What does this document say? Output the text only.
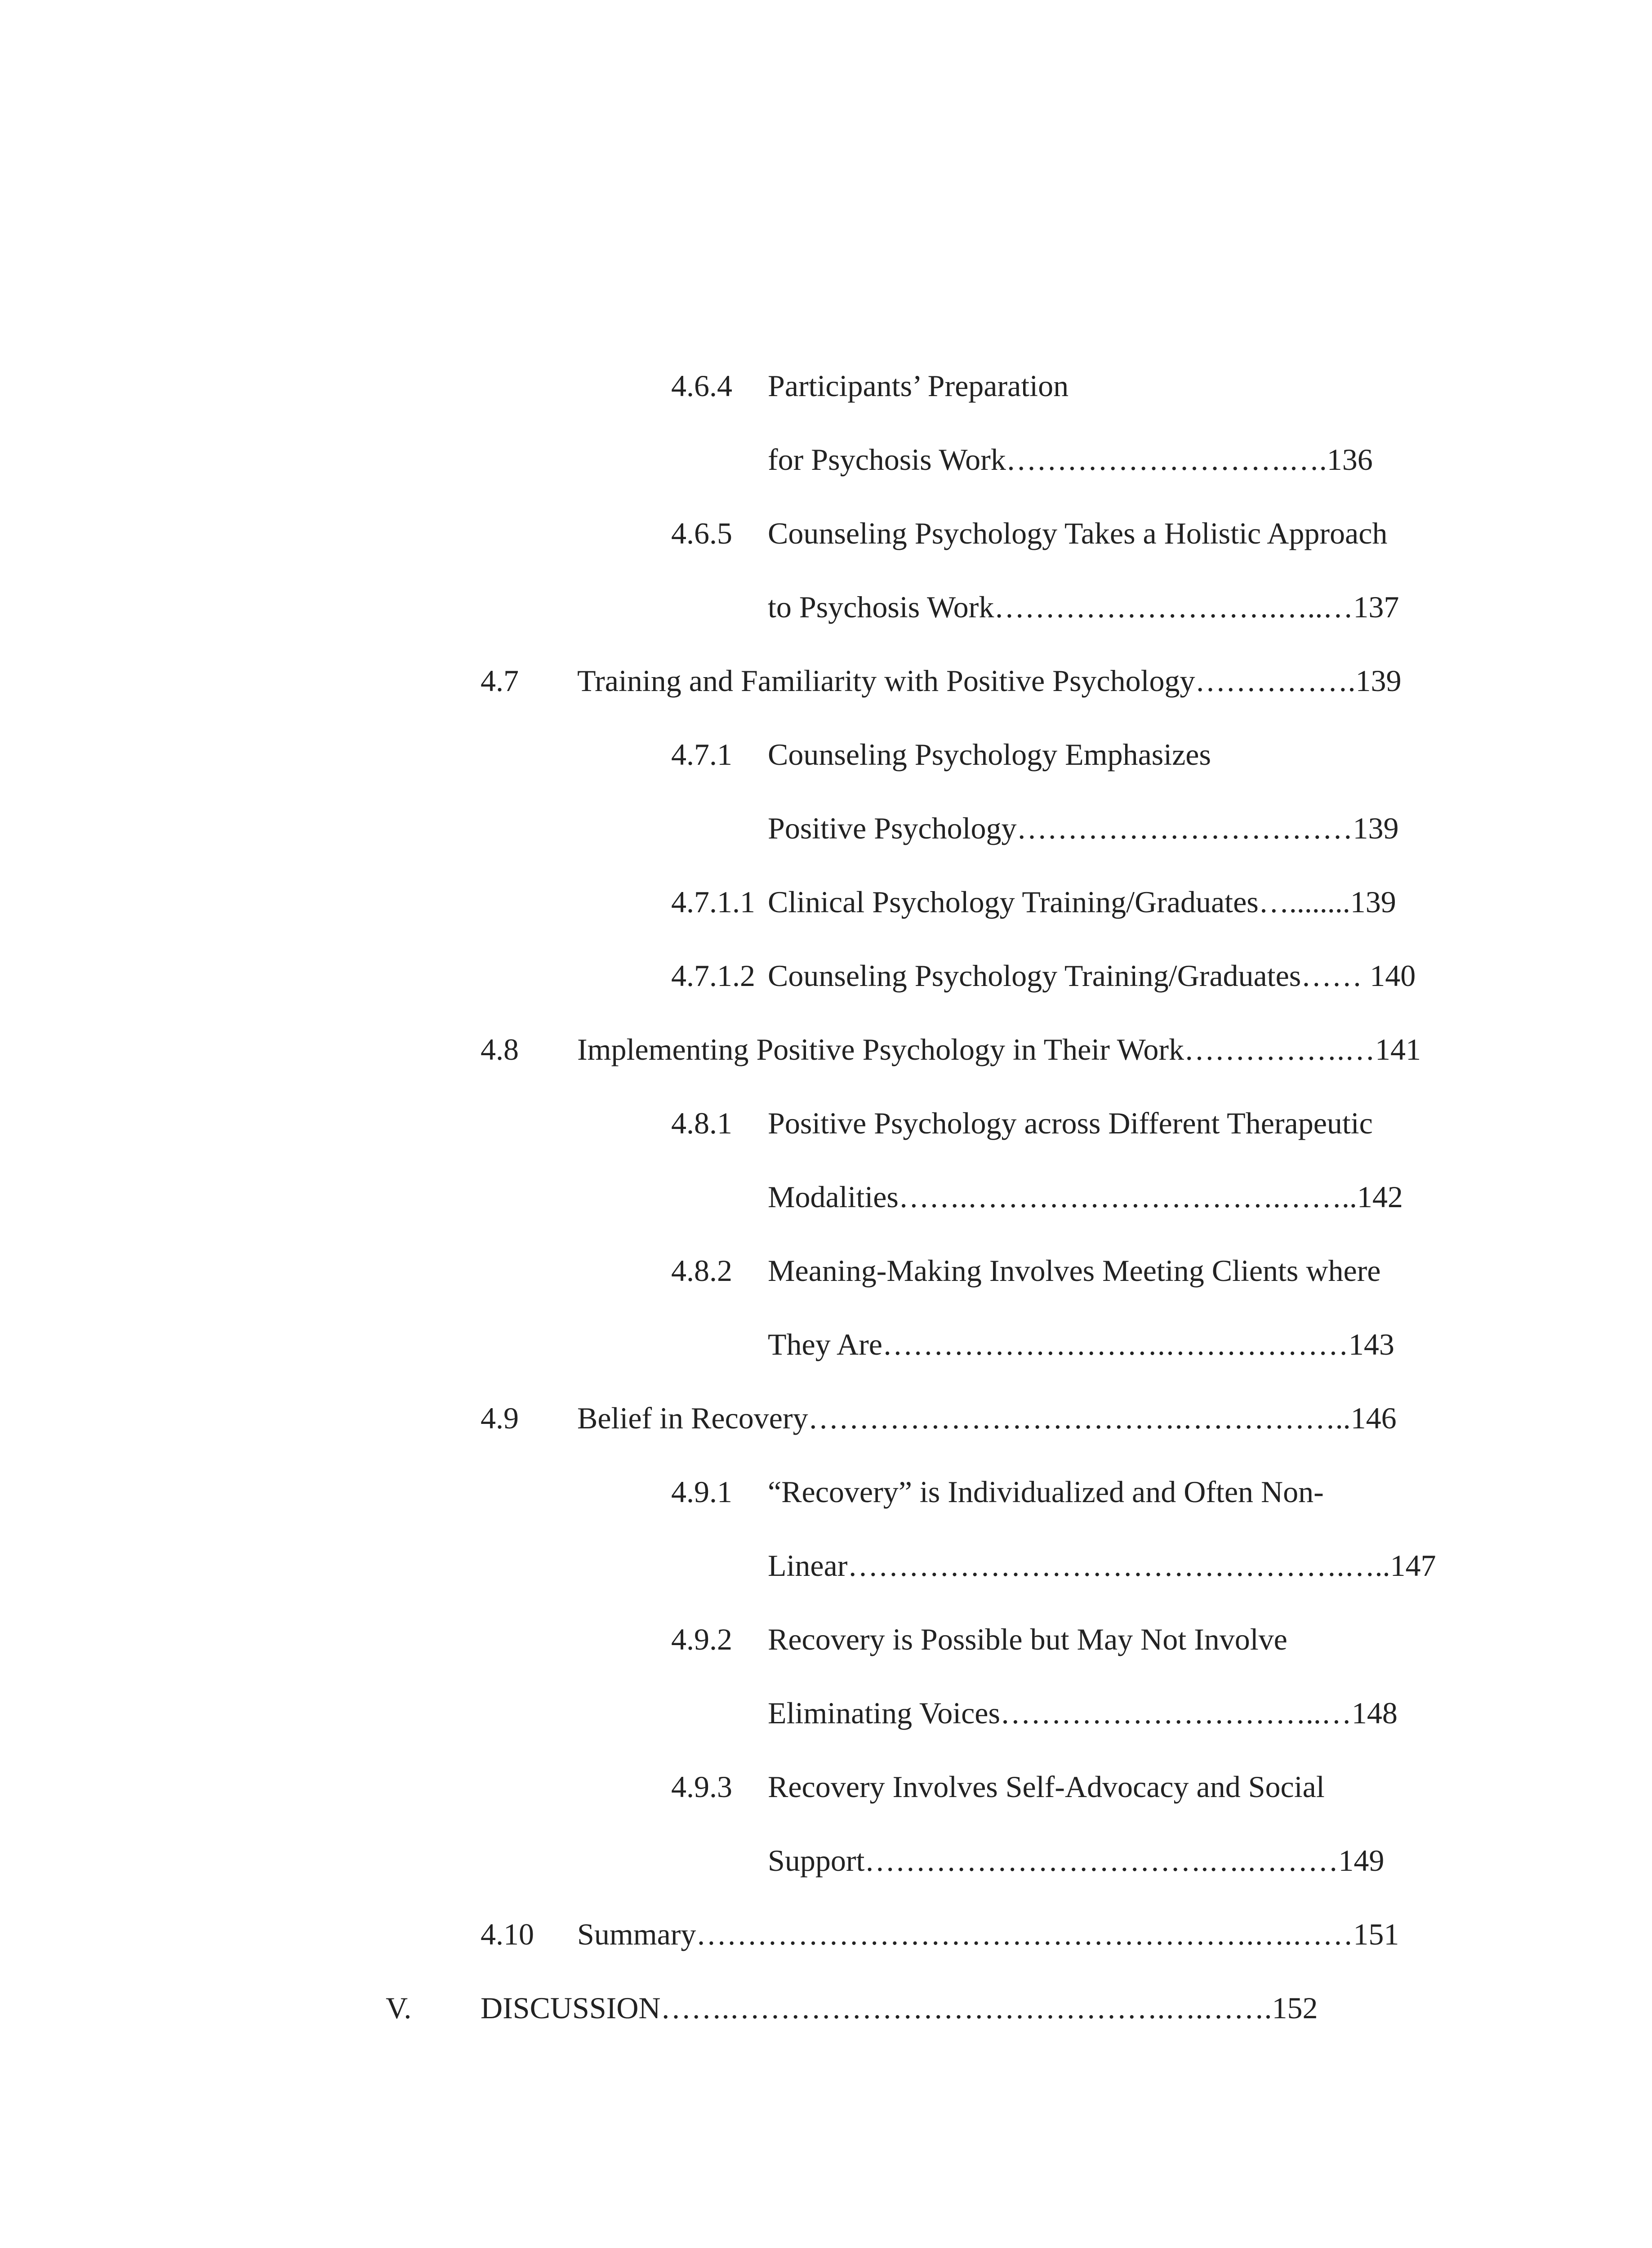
4.6.4 Participants’ Preparation
for Psychosis Work……………………….….136
4.6.5 Counseling Psychology Takes a Holistic Approach
to Psychosis Work……………………….…..…137
4.7 Training and Familiarity with Positive Psychology…………….139
4.7.1 Counseling Psychology Emphasizes
Positive Psychology……………………………139
4.7.1.1 Clinical Psychology Training/Graduates…........139
4.7.1.2 Counseling Psychology Training/Graduates…… 140
4.8 Implementing Positive Psychology in Their Work…………….…141
4.8.1 Positive Psychology across Different Therapeutic
Modalities…….………………………….……..142
4.8.2 Meaning-Making Involves Meeting Clients where
They Are……………………….………………143
4.9 Belief in Recovery……………………………….……………..146
4.9.1 “Recovery” is Individualized and Often Non-
Linear………………………………………….…..147
4.9.2 Recovery is Possible but May Not Involve
Eliminating Voices…………………………..…148
4.9.3 Recovery Involves Self-Advocacy and Social
Support…………………………….….………149
4.10 Summary……………………………………………….….……151
V. DISCUSSION…….…………………………………….….…….152
